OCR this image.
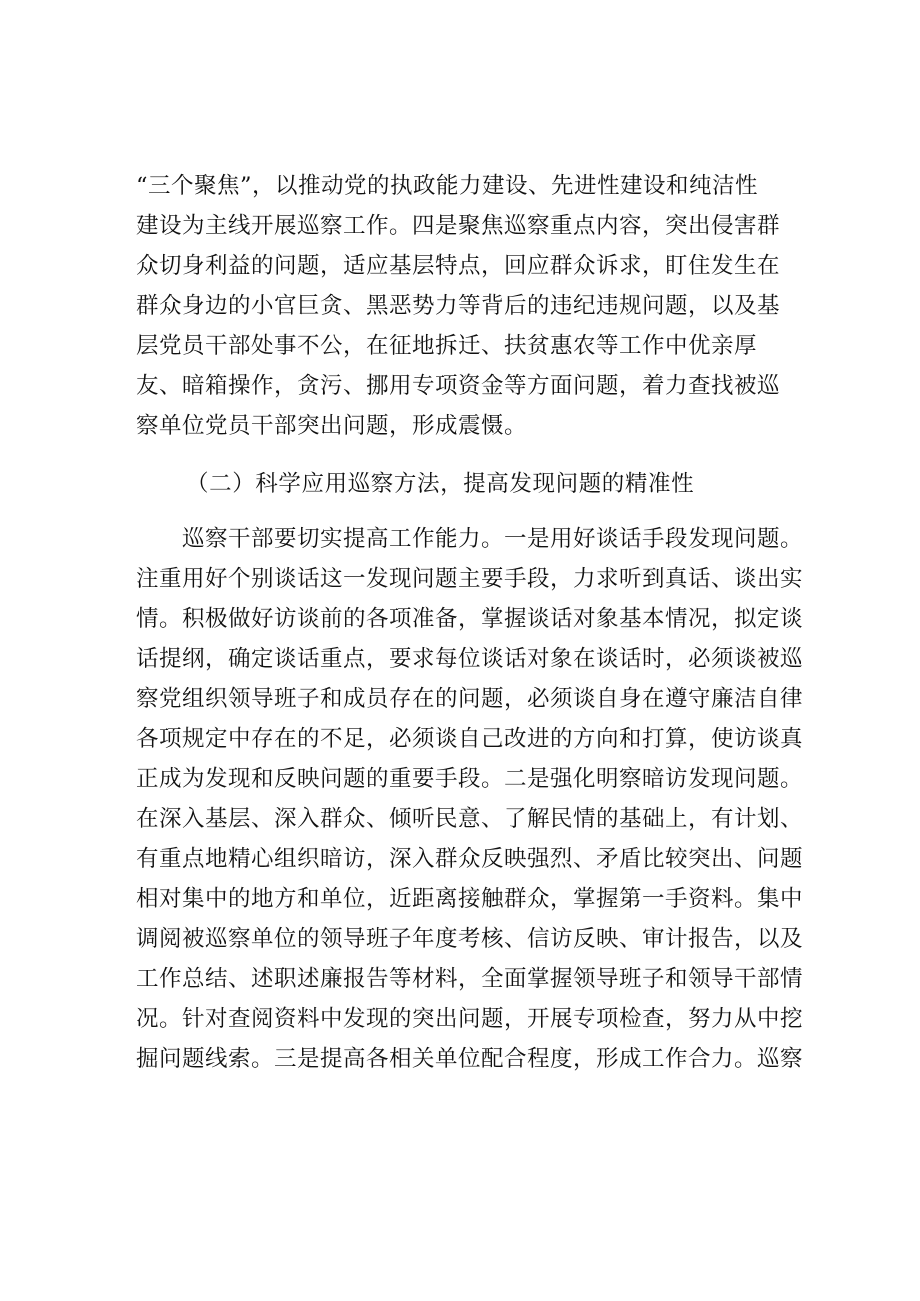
“三个聚焦”，以推动党的执政能力建设、先进性建设和纯洁性
建设为主线开展巡察工作。四是聚焦巡察重点内容，突出侵害群
众切身利益的问题，适应基层特点，回应群众诉求，盯住发生在
群众身边的小官巨贪、黑恶势力等背后的违纪违规问题，以及基
层党员干部处事不公，在征地拆迁、扶贫惠农等工作中优亲厚
友、暗箱操作，贪污、挪用专项资金等方面问题，着力查找被巡
察单位党员干部突出问题，形成震慑。
（二）科学应用巡察方法，提高发现问题的精准性
巡察干部要切实提高工作能力。一是用好谈话手段发现问题。
注重用好个别谈话这一发现问题主要手段，力求听到真话、谈出实
情。积极做好访谈前的各项准备，掌握谈话对象基本情况，拟定谈
话提纲，确定谈话重点，要求每位谈话对象在谈话时，必须谈被巡
察党组织领导班子和成员存在的问题，必须谈自身在遵守廉洁自律
各项规定中存在的不足，必须谈自己改进的方向和打算，使访谈真
正成为发现和反映问题的重要手段。二是强化明察暗访发现问题。
在深入基层、深入群众、倾听民意、了解民情的基础上，有计划、
有重点地精心组织暗访，深入群众反映强烈、矛盾比较突出、问题
相对集中的地方和单位，近距离接触群众，掌握第一手资料。集中
调阅被巡察单位的领导班子年度考核、信访反映、审计报告，以及
工作总结、述职述廉报告等材料，全面掌握领导班子和领导干部情
况。针对查阅资料中发现的突出问题，开展专项检查，努力从中挖
掘问题线索。三是提高各相关单位配合程度，形成工作合力。巡察
